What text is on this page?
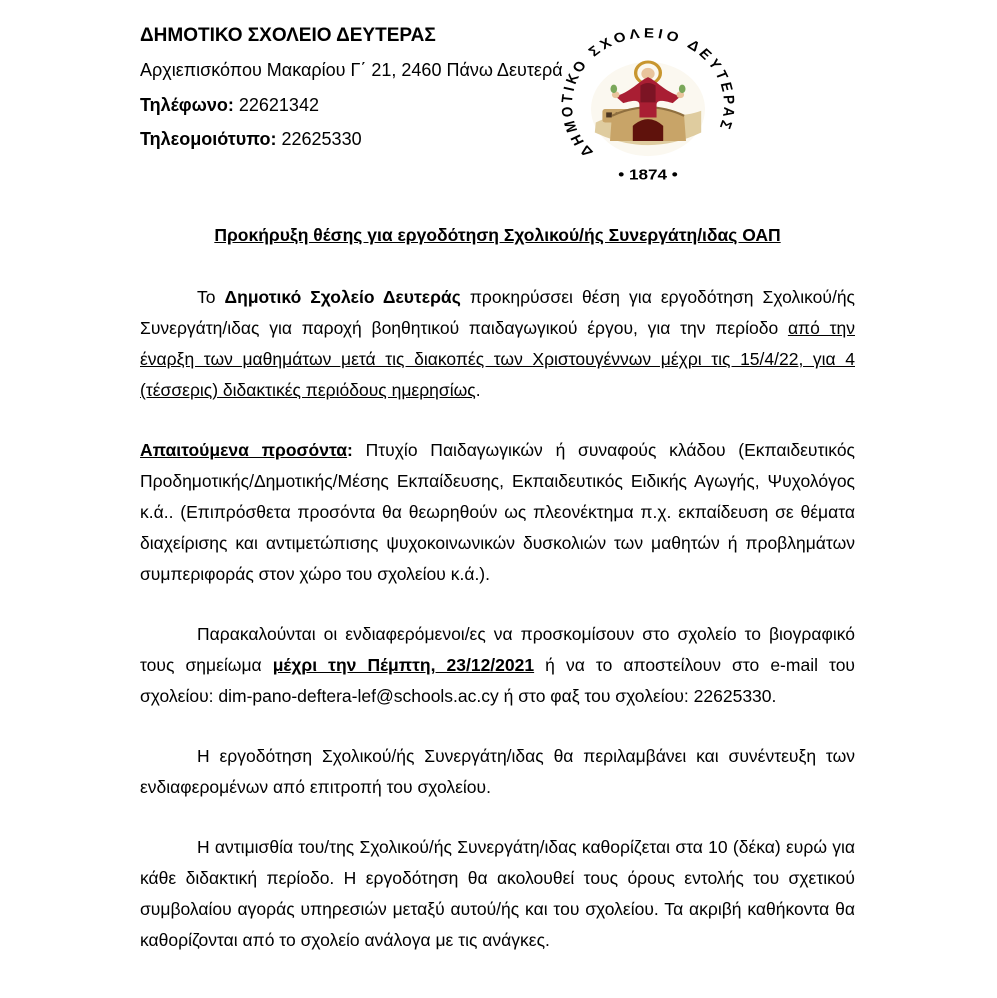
ΔΗΜΟΤΙΚΟ ΣΧΟΛΕΙΟ ΔΕΥΤΕΡΑΣ
Αρχιεπισκόπου Μακαρίου Γ΄ 21, 2460 Πάνω Δευτερά
Τηλέφωνο: 22621342
Τηλεομοιότυπο: 22625330
ΔΗΜΟΤΙΚΟ ΣΧΟΛΕΙΟ ΔΕΥΤΕΡΑΣ
• 1874 •
Προκήρυξη θέσης για εργοδότηση Σχολικού/ής Συνεργάτη/ιδας ΟΑΠ

Το Δημοτικό Σχολείο Δευτεράς προκηρύσσει θέση για εργοδότηση Σχολικού/ής Συνεργάτη/ιδας για παροχή βοηθητικού παιδαγωγικού έργου, για την περίοδο από την έναρξη των μαθημάτων μετά τις διακοπές των Χριστουγέννων μέχρι τις 15/4/22, για 4 (τέσσερις) διδακτικές περιόδους ημερησίως.

Απαιτούμενα προσόντα: Πτυχίο Παιδαγωγικών ή συναφούς κλάδου (Εκπαιδευτικός Προδημοτικής/Δημοτικής/Μέσης Εκπαίδευσης, Εκπαιδευτικός Ειδικής Αγωγής, Ψυχολόγος κ.ά.. (Επιπρόσθετα προσόντα θα θεωρηθούν ως πλεονέκτημα π.χ. εκπαίδευση σε θέματα διαχείρισης και αντιμετώπισης ψυχοκοινωνικών δυσκολιών των μαθητών ή προβλημάτων συμπεριφοράς στον χώρο του σχολείου κ.ά.).

Παρακαλούνται οι ενδιαφερόμενοι/ες να προσκομίσουν στο σχολείο το βιογραφικό τους σημείωμα μέχρι την Πέμπτη, 23/12/2021 ή να το αποστείλουν στο e-mail του σχολείου: dim-pano-deftera-lef@schools.ac.cy ή στο φαξ του σχολείου: 22625330.

Η εργοδότηση Σχολικού/ής Συνεργάτη/ιδας θα περιλαμβάνει και συνέντευξη των ενδιαφερομένων από επιτροπή του σχολείου.

Η αντιμισθία του/της Σχολικού/ής Συνεργάτη/ιδας καθορίζεται στα 10 (δέκα) ευρώ για κάθε διδακτική περίοδο. Η εργοδότηση θα ακολουθεί τους όρους εντολής του σχετικού συμβολαίου αγοράς υπηρεσιών μεταξύ αυτού/ής και του σχολείου. Τα ακριβή καθήκοντα θα καθορίζονται από το σχολείο ανάλογα με τις ανάγκες.
